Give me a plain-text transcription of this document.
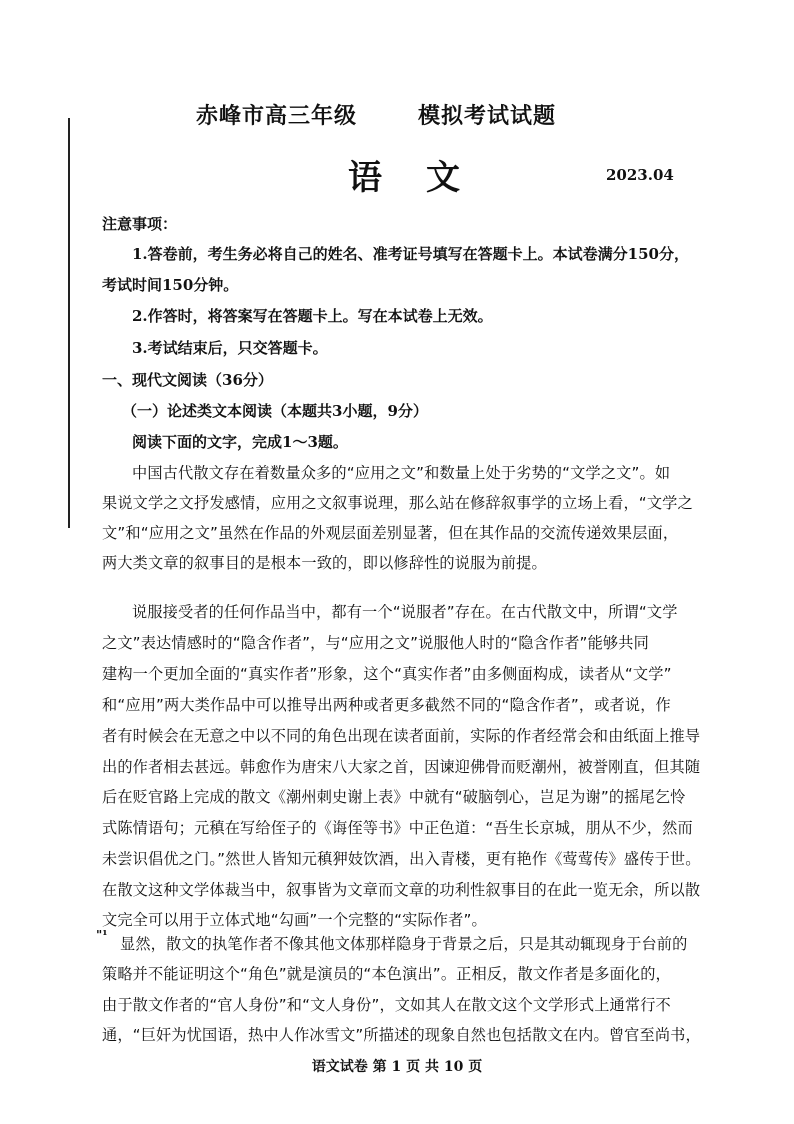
赤峰市高三年级	模拟考试试题
语文	2023.04
注意事项：
1.答卷前，考生务必将自己的姓名、准考证号填写在答题卡上。本试卷满分150分，
考试时间150分钟。
2.作答时，将答案写在答题卡上。写在本试卷上无效。
3.考试结束后，只交答题卡。
一、现代文阅读（36分）
（一）论述类文本阅读（本题共3小题，9分）
阅读下面的文字，完成1～3题。
中国古代散文存在着数量众多的“应用之文”和数量上处于劣势的“文学之文”。如
果说文学之文抒发感情，应用之文叙事说理，那么站在修辞叙事学的立场上看，“文学之
文”和“应用之文”虽然在作品的外观层面差别显著，但在其作品的交流传递效果层面，
两大类文章的叙事目的是根本一致的，即以修辞性的说服为前提。
说服接受者的任何作品当中，都有一个“说服者”存在。在古代散文中，所谓“文学
之文”表达情感时的“隐含作者”，与“应用之文”说服他人时的“隐含作者”能够共同
建构一个更加全面的“真实作者”形象，这个“真实作者”由多侧面构成，读者从“文学”
和“应用”两大类作品中可以推导出两种或者更多截然不同的“隐含作者”，或者说，作
者有时候会在无意之中以不同的角色出现在读者面前，实际的作者经常会和由纸面上推导
出的作者相去甚远。韩愈作为唐宋八大家之首，因谏迎佛骨而贬潮州，被誉刚直，但其随
后在贬官路上完成的散文《潮州刺史谢上表》中就有“破脑刳心，岂足为谢”的摇尾乞怜
式陈情语句；元稹在写给侄子的《诲侄等书》中正色道：“吾生长京城，朋从不少，然而
未尝识倡优之门。”然世人皆知元稹狎妓饮酒，出入青楼，更有艳作《莺莺传》盛传于世。
在散文这种文学体裁当中，叙事皆为文章而文章的功利性叙事目的在此一览无余，所以散
文完全可以用于立体式地“勾画”一个完整的“实际作者”。
"¹ 显然，散文的执笔作者不像其他文体那样隐身于背景之后，只是其动辄现身于台前的
策略并不能证明这个“角色”就是演员的“本色演出”。正相反，散文作者是多面化的，
由于散文作者的“官人身份”和“文人身份”，文如其人在散文这个文学形式上通常行不
通，“巨奸为忧国语，热中人作冰雪文”所描述的现象自然也包括散文在内。曾官至尚书，
语文试卷 第 1 页 共 10 页
